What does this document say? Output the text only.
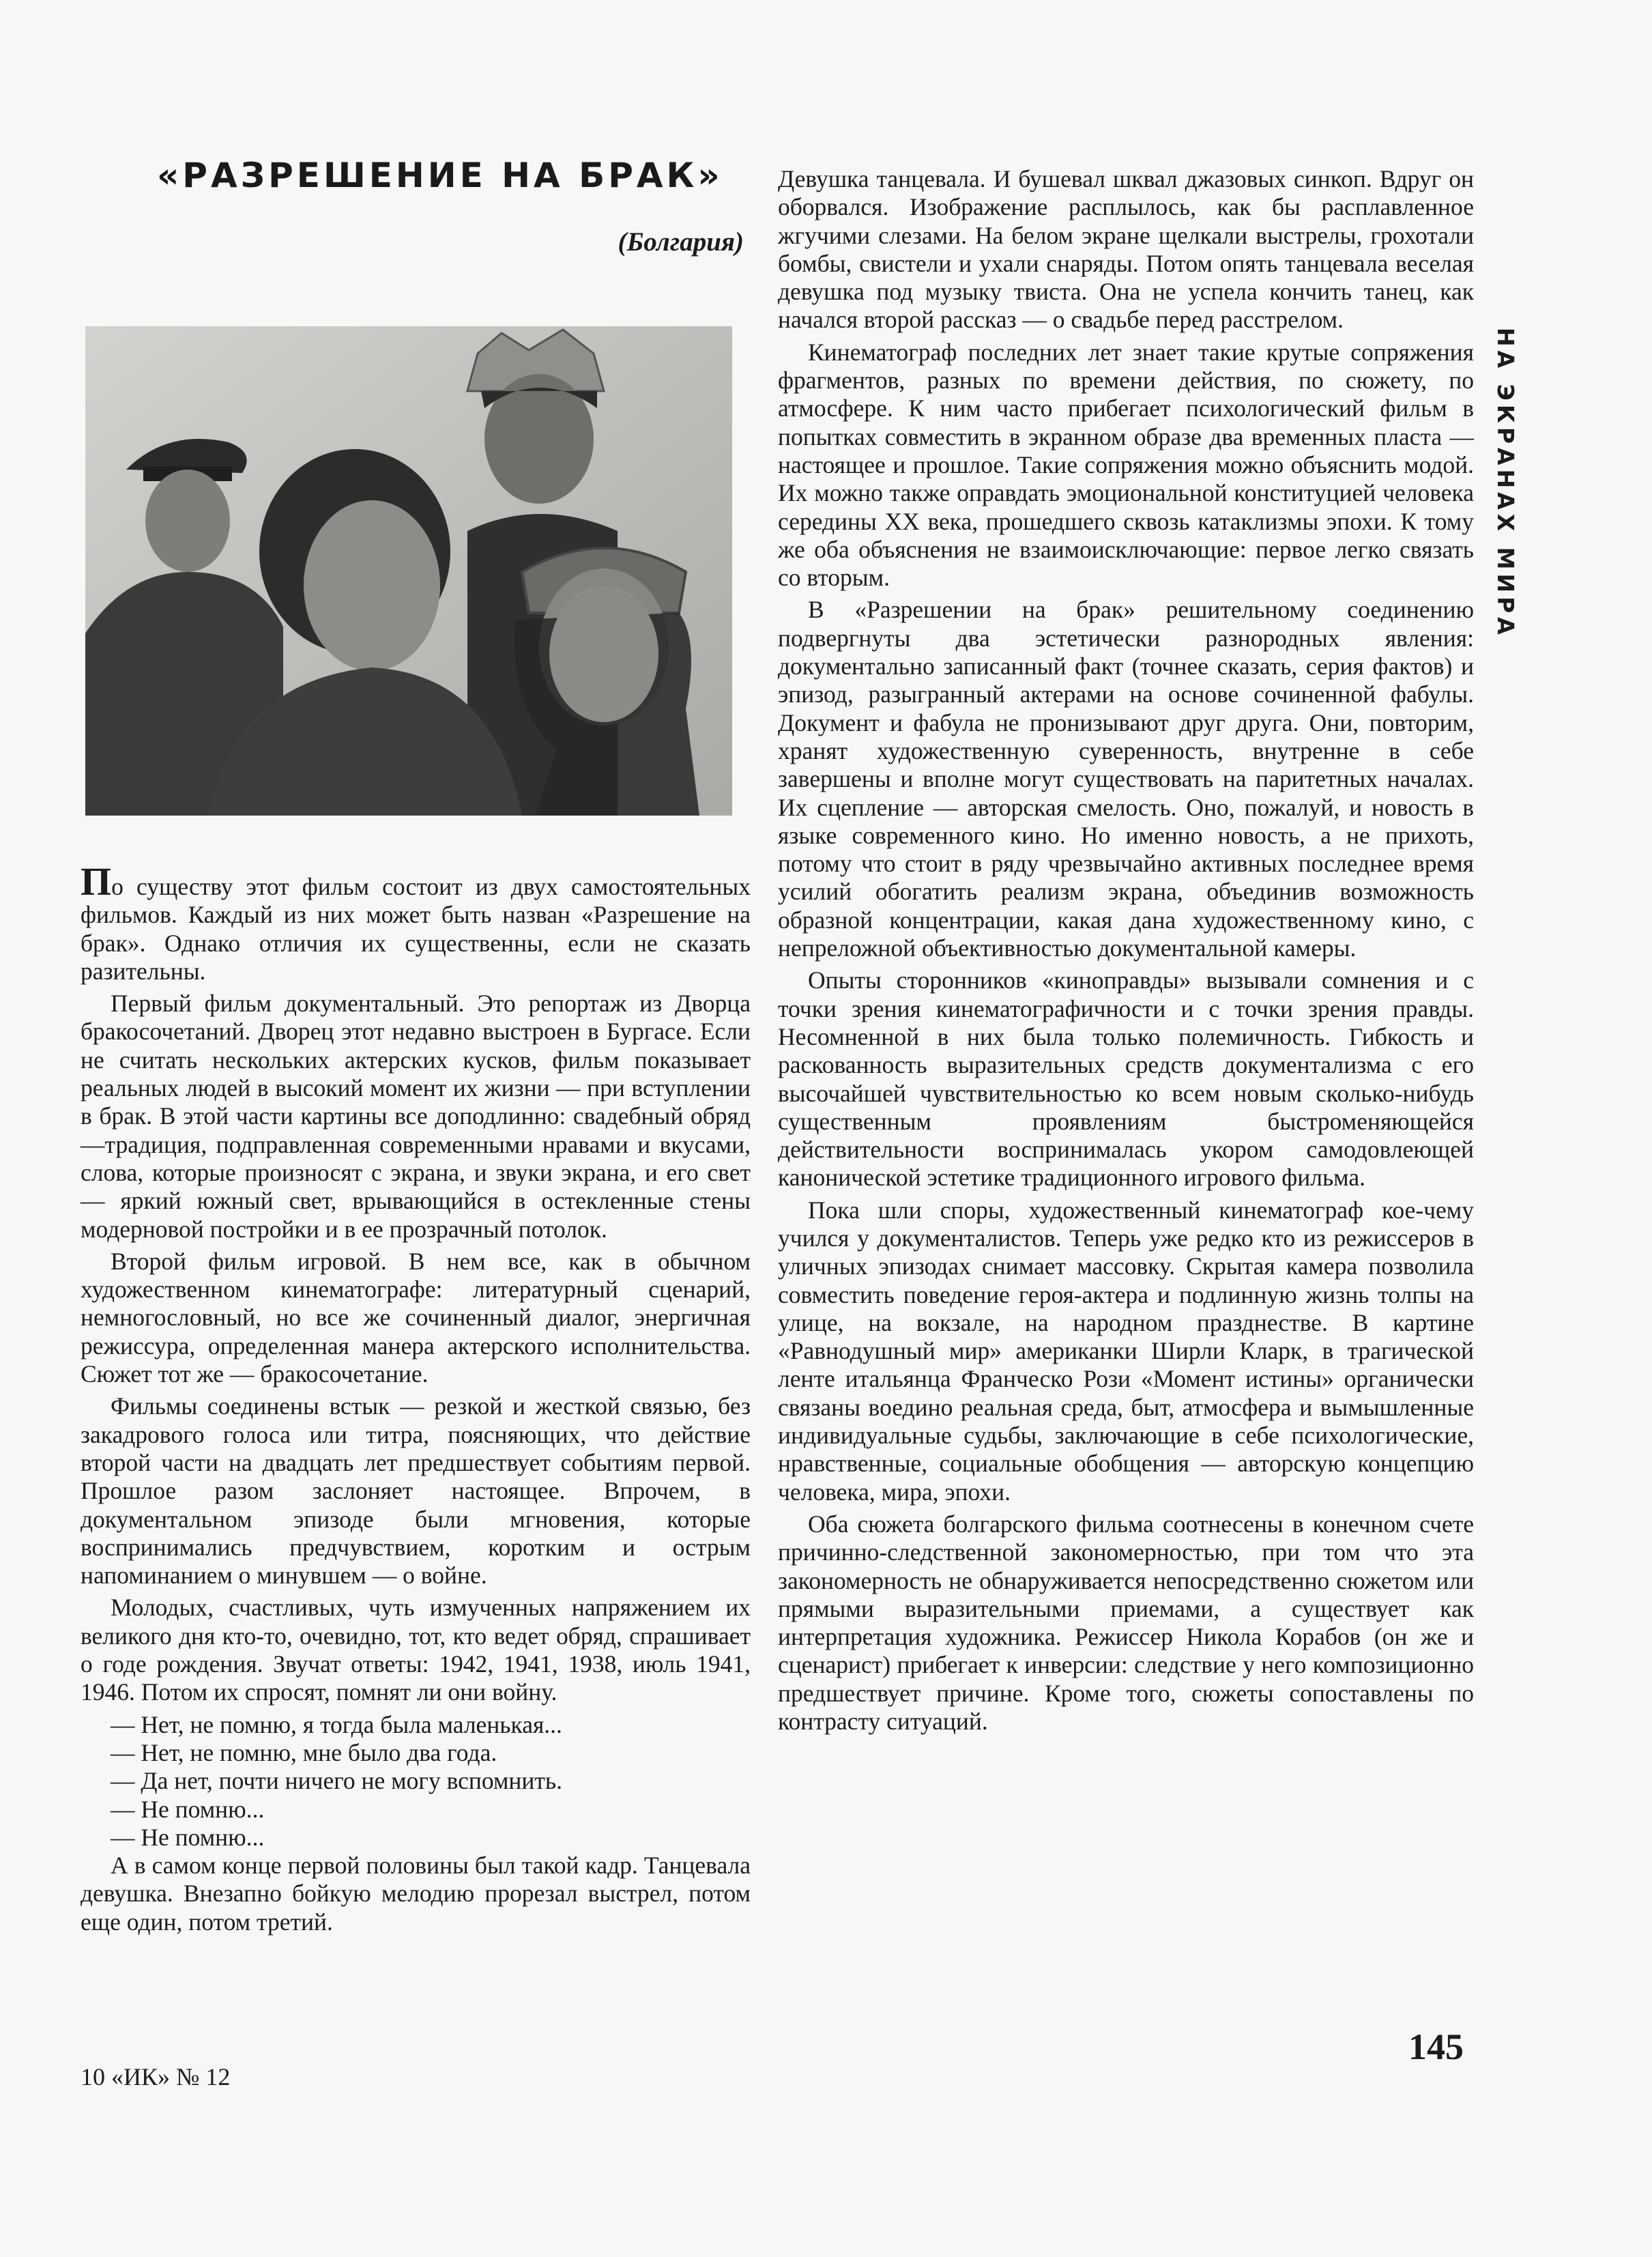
«РАЗРЕШЕНИЕ НА БРАК»

(Болгария)

По существу этот фильм состоит из двух самостоятельных фильмов. Каждый из них может быть назван «Разрешение на брак». Однако отличия их существенны, если не сказать разительны.

Первый фильм документальный. Это репортаж из Дворца бракосочетаний. Дворец этот недавно выстроен в Бургасе. Если не считать нескольких актерских кусков, фильм показывает реальных людей в высокий момент их жизни — при вступлении в брак. В этой части картины все доподлинно: свадебный обряд—традиция, подправленная современными нравами и вкусами, слова, которые произносят с экрана, и звуки экрана, и его свет — яркий южный свет, врывающийся в остекленные стены модерновой постройки и в ее прозрачный потолок.

Второй фильм игровой. В нем все, как в обычном художественном кинематографе: литературный сценарий, немногословный, но все же сочиненный диалог, энергичная режиссура, определенная манера актерского исполнительства. Сюжет тот же — бракосочетание.

Фильмы соединены встык — резкой и жесткой связью, без закадрового голоса или титра, поясняющих, что действие второй части на двадцать лет предшествует событиям первой. Прошлое разом заслоняет настоящее. Впрочем, в документальном эпизоде были мгновения, которые воспринимались предчувствием, коротким и острым напоминанием о минувшем — о войне.

Молодых, счастливых, чуть измученных напряжением их великого дня кто-то, очевидно, тот, кто ведет обряд, спрашивает о годе рождения. Звучат ответы: 1942, 1941, 1938, июль 1941, 1946. Потом их спросят, помнят ли они войну.

— Нет, не помню, я тогда была маленькая...

— Нет, не помню, мне было два года.

— Да нет, почти ничего не могу вспомнить.

— Не помню...

— Не помню...

А в самом конце первой половины был такой кадр. Танцевала девушка. Внезапно бойкую мелодию прорезал выстрел, потом еще один, потом третий.

Девушка танцевала. И бушевал шквал джазовых синкоп. Вдруг он оборвался. Изображение расплылось, как бы расплавленное жгучими слезами. На белом экране щелкали выстрелы, грохотали бомбы, свистели и ухали снаряды. Потом опять танцевала веселая девушка под музыку твиста. Она не успела кончить танец, как начался второй рассказ — о свадьбе перед расстрелом.

Кинематограф последних лет знает такие крутые сопряжения фрагментов, разных по времени действия, по сюжету, по атмосфере. К ним часто прибегает психологический фильм в попытках совместить в экранном образе два временных пласта — настоящее и прошлое. Такие сопряжения можно объяснить модой. Их можно также оправдать эмоциональной конституцией человека середины XX века, прошедшего сквозь катаклизмы эпохи. К тому же оба объяснения не взаимоисключающие: первое легко связать со вторым.

В «Разрешении на брак» решительному соединению подвергнуты два эстетически разнородных явления: документально записанный факт (точнее сказать, серия фактов) и эпизод, разыгранный актерами на основе сочиненной фабулы. Документ и фабула не пронизывают друг друга. Они, повторим, хранят художественную суверенность, внутренне в себе завершены и вполне могут существовать на паритетных началах. Их сцепление — авторская смелость. Оно, пожалуй, и новость в языке современного кино. Но именно новость, а не прихоть, потому что стоит в ряду чрезвычайно активных последнее время усилий обогатить реализм экрана, объединив возможность образной концентрации, какая дана художественному кино, с непреложной объективностью документальной камеры.

Опыты сторонников «кинoправды» вызывали сомнения и с точки зрения кинематографичности и с точки зрения правды. Несомненной в них была только полемичность. Гибкость и раскованность выразительных средств документализма с его высочайшей чувствительностью ко всем новым сколько-нибудь существенным проявлениям быстроменяющейся действительности воспринималась укором самодовлеющей канонической эстетике традиционного игрового фильма.

Пока шли споры, художественный кинематограф кое-чему учился у документалистов. Теперь уже редко кто из режиссеров в уличных эпизодах снимает массовку. Скрытая камера позволила совместить поведение героя-актера и подлинную жизнь толпы на улице, на вокзале, на народном празднестве. В картине «Равнодушный мир» американки Ширли Кларк, в трагической ленте итальянца Франческо Рози «Момент истины» органически связаны воедино реальная среда, быт, атмосфера и вымышленные индивидуальные судьбы, заключающие в себе психологические, нравственные, социальные обобщения — авторскую концепцию человека, мира, эпохи.

Оба сюжета болгарского фильма соотнесены в конечном счете причинно-следственной закономерностью, при том что эта закономерность не обнаруживается непосредственно сюжетом или прямыми выразительными приемами, а существует как интерпретация художника. Режиссер Никола Корабов (он же и сценарист) прибегает к инверсии: следствие у него композиционно предшествует причине. Кроме того, сюжеты сопоставлены по контрасту ситуаций.

НА ЭКРАНАХ МИРА

10 «ИК» № 12

145
